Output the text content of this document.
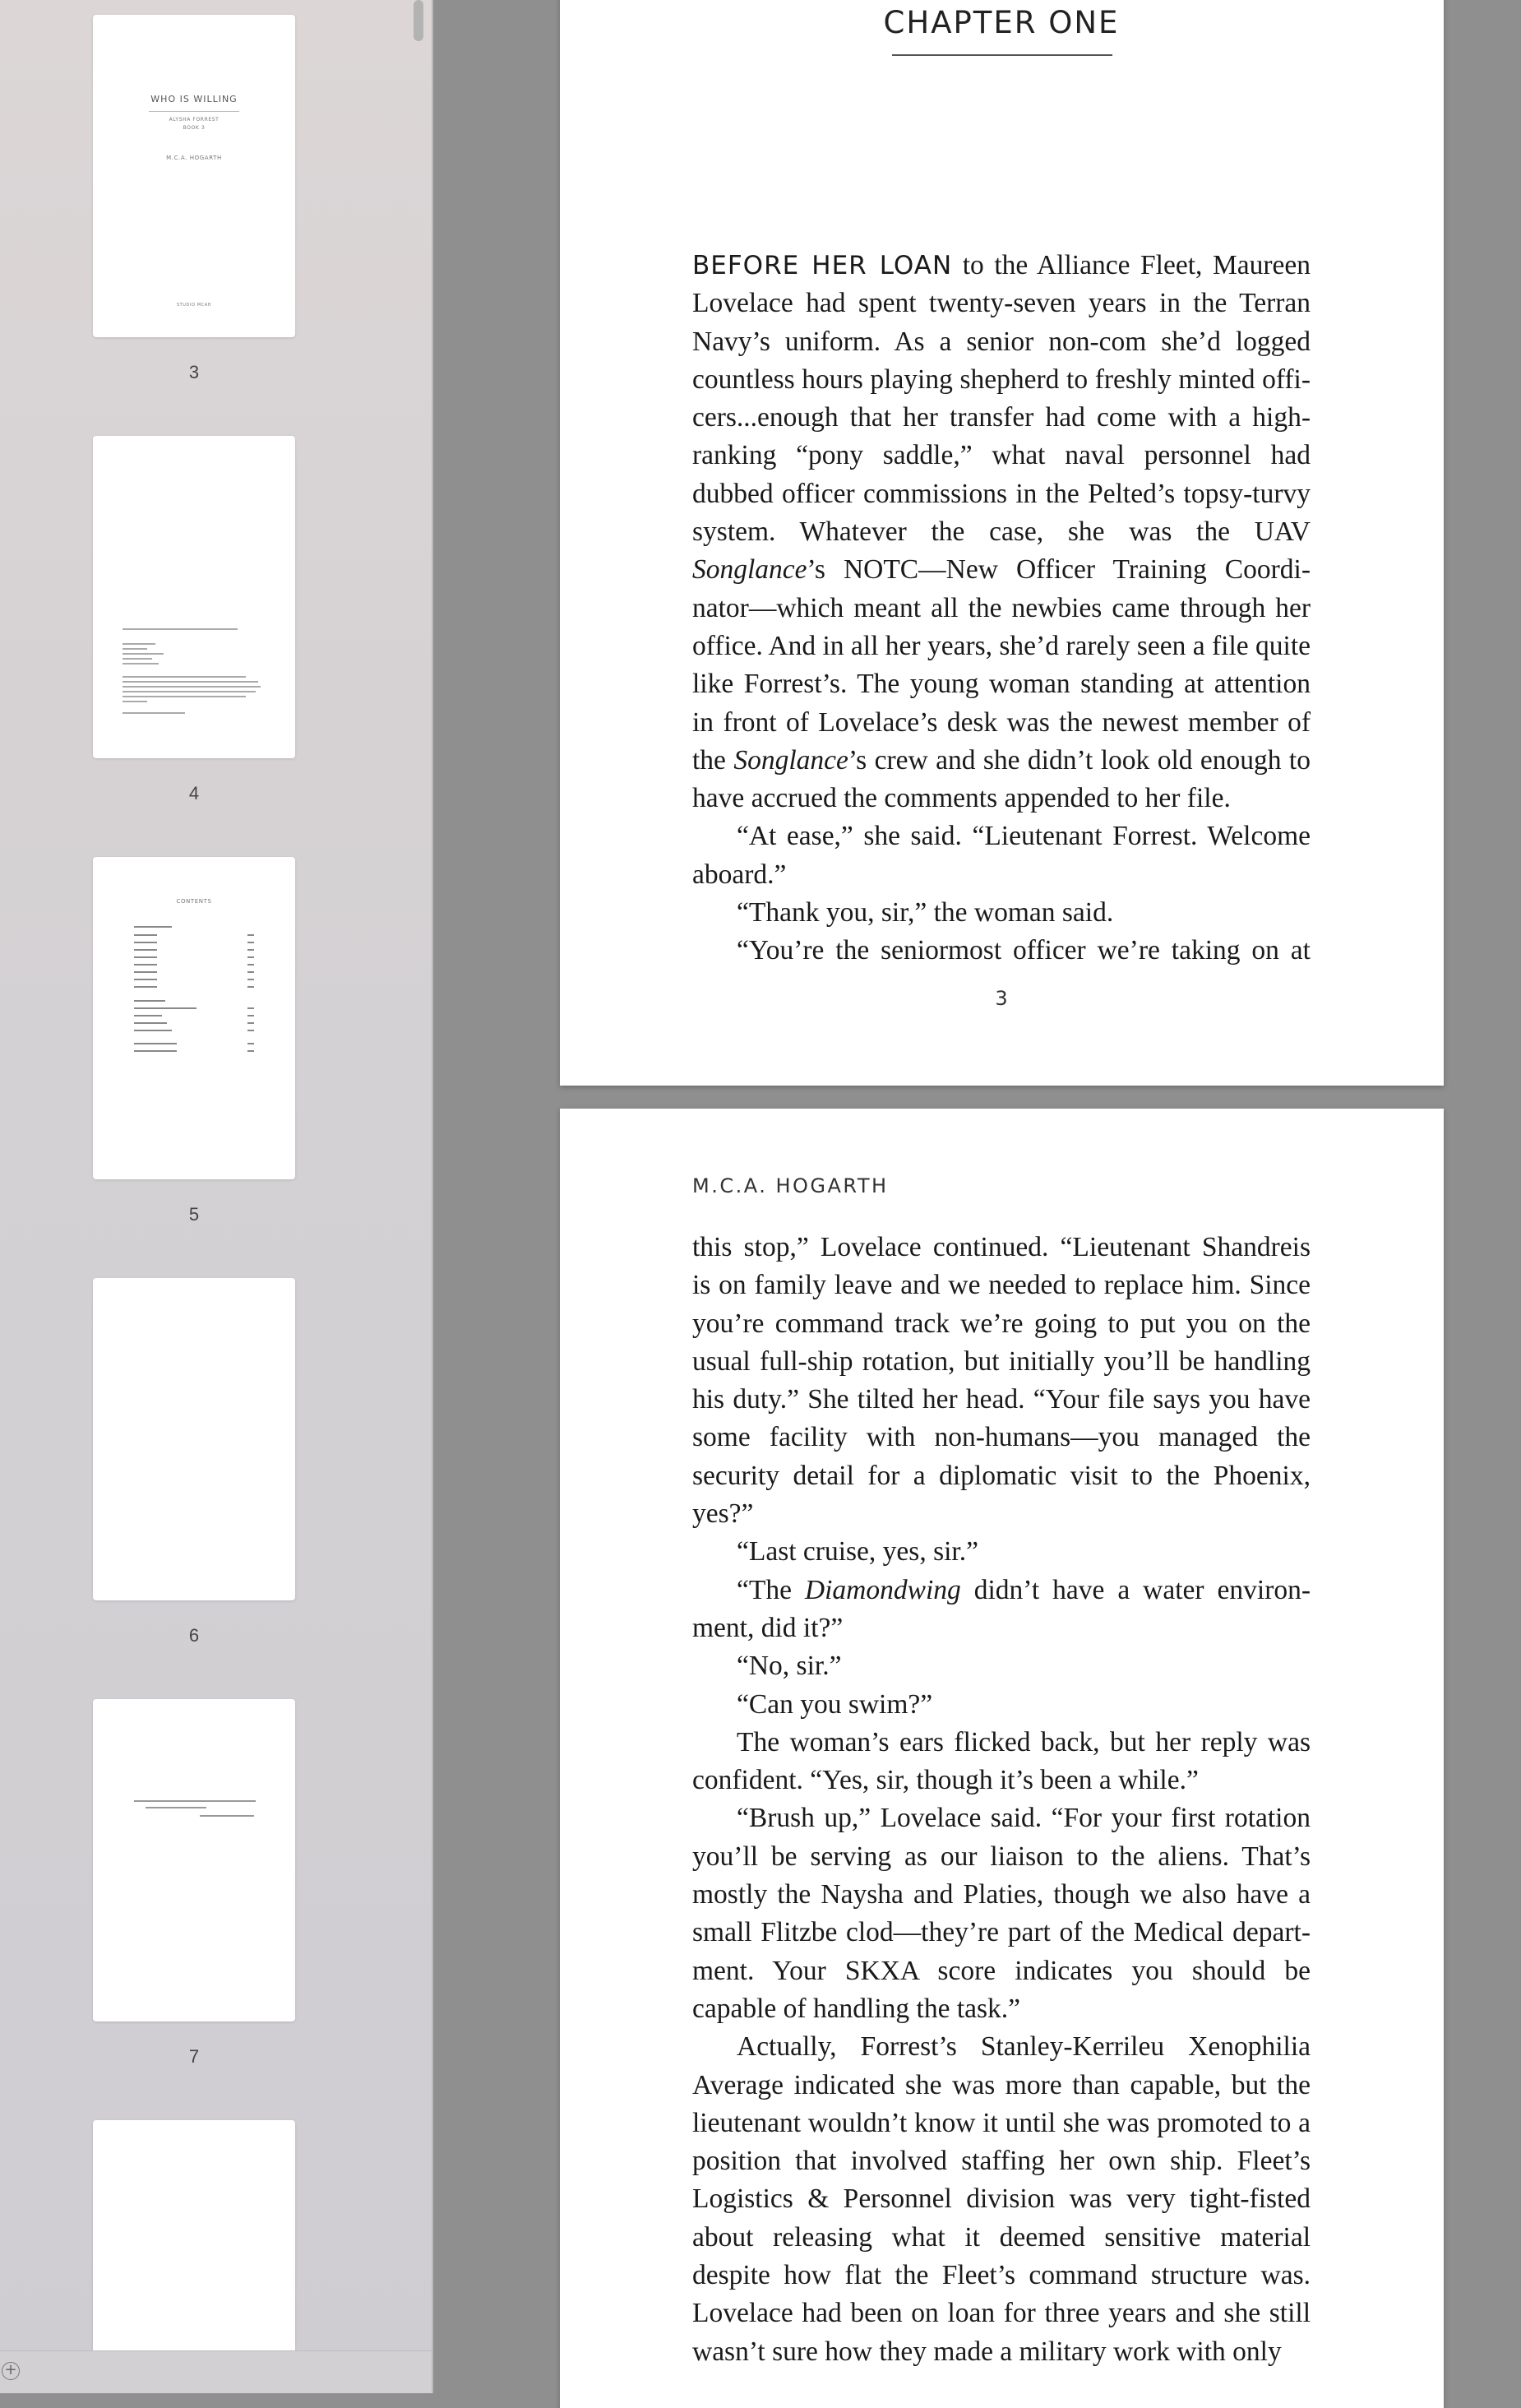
WHO IS WILLING
ALYSHA FORREST
BOOK 3
M.C.A. HOGARTH
STUDIO MCAH
3
4
CONTENTS
5
6
7
+
CHAPTER ONE

BEFORE HER LOAN to the Alliance Fleet, Maureen Lovelace had spent twenty-seven years in the Terran Navy’s uniform. As a senior non-com she’d logged countless hours playing shepherd to freshly minted officers...enough that her transfer had come with a high-ranking “pony saddle,” what naval personnel had dubbed officer commissions in the Pelted’s topsy-turvy system. Whatever the case, she was the UAV Songlance’s NOTC—New Officer Training Coordinator—which meant all the newbies came through her office. And in all her years, she’d rarely seen a file quite like Forrest’s. The young woman standing at attention in front of Lovelace’s desk was the newest member of the Songlance’s crew and she didn’t look old enough to have accrued the comments appended to her file.

“At ease,” she said. “Lieutenant Forrest. Welcome aboard.”

“Thank you, sir,” the woman said.

“You’re the seniormost officer we’re taking on at

3
M.C.A. HOGARTH

this stop,” Lovelace continued. “Lieutenant Shandreis is on family leave and we needed to replace him. Since you’re command track we’re going to put you on the usual full-ship rotation, but initially you’ll be handling his duty.” She tilted her head. “Your file says you have some facility with non-humans—you managed the security detail for a diplomatic visit to the Phoenix, yes?”

“Last cruise, yes, sir.”

“The Diamondwing didn’t have a water environment, did it?”

“No, sir.”

“Can you swim?”

The woman’s ears flicked back, but her reply was confident. “Yes, sir, though it’s been a while.”

“Brush up,” Lovelace said. “For your first rotation you’ll be serving as our liaison to the aliens. That’s mostly the Naysha and Platies, though we also have a small Flitzbe clod—they’re part of the Medical department. Your SKXA score indicates you should be capable of handling the task.”

Actually, Forrest’s Stanley-Kerrileu Xenophilia Average indicated she was more than capable, but the lieutenant wouldn’t know it until she was promoted to a position that involved staffing her own ship. Fleet’s Logistics & Personnel division was very tight-fisted about releasing what it deemed sensitive material despite how flat the Fleet’s command structure was. Lovelace had been on loan for three years and she still wasn’t sure how they made a military work with only
